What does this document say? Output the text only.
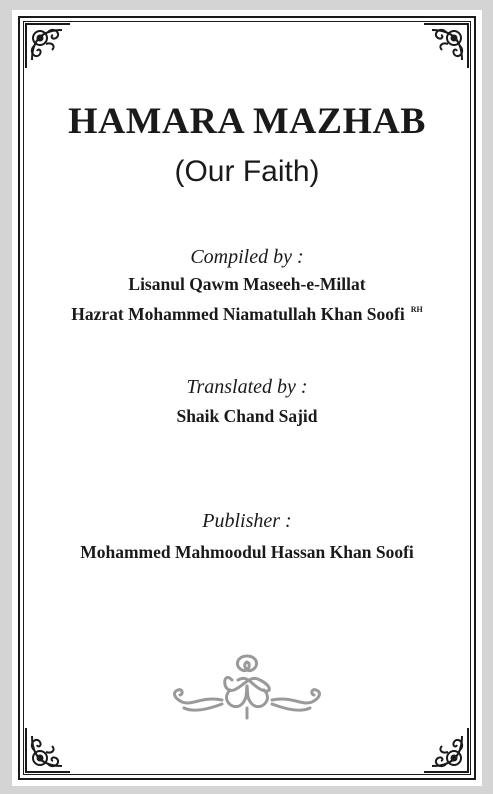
HAMARA MAZHAB
(Our Faith)
Compiled by :
Lisanul Qawm Maseeh-e-Millat
Hazrat Mohammed Niamatullah Khan Soofi $^{RH}$
Translated by :
Shaik Chand Sajid
Publisher :
Mohammed Mahmoodul Hassan Khan Soofi
